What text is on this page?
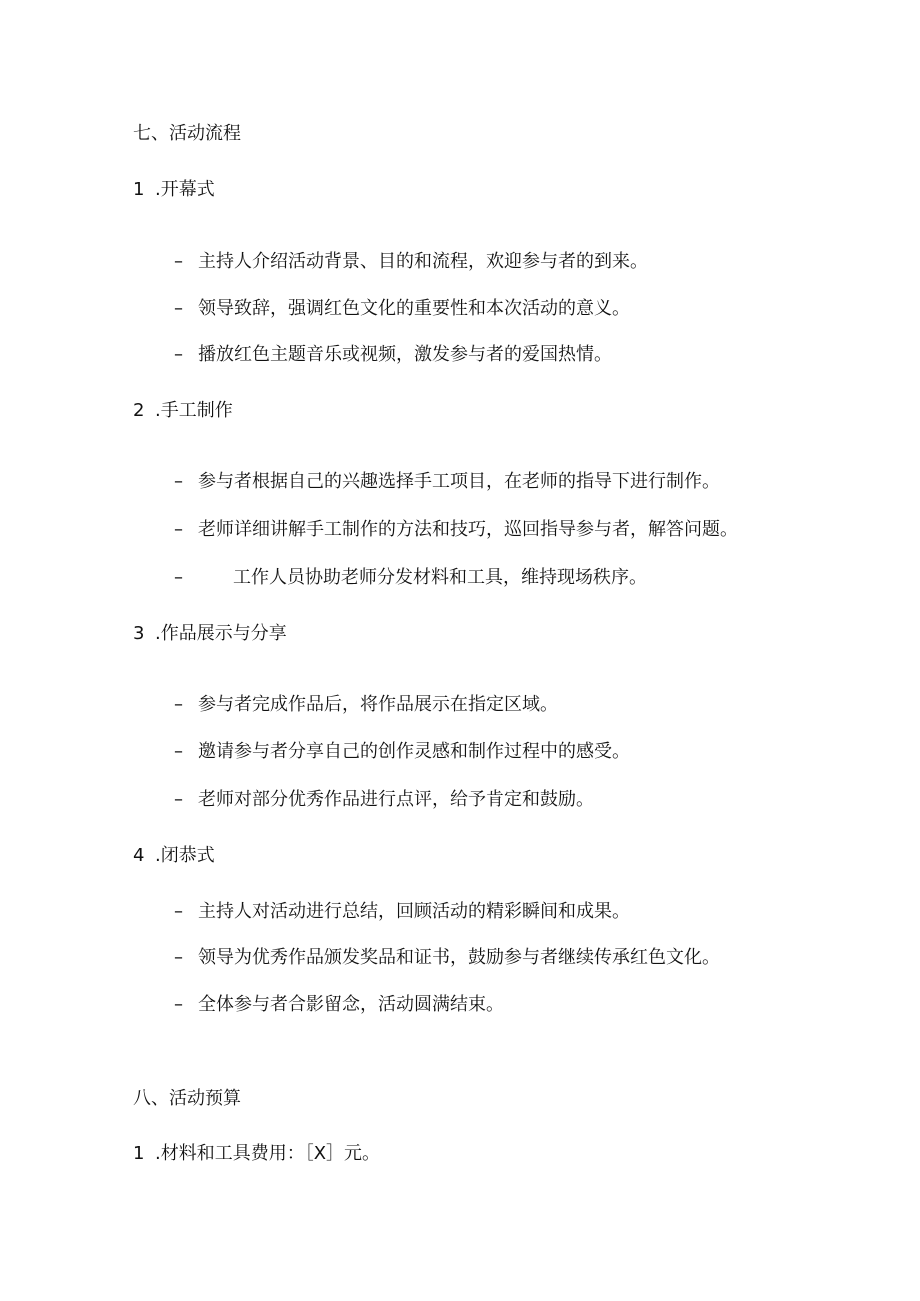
七、活动流程
1 .开幕式
– 主持人介绍活动背景、目的和流程，欢迎参与者的到来。
– 领导致辞，强调红色文化的重要性和本次活动的意义。
– 播放红色主题音乐或视频，激发参与者的爱国热情。
2 .手工制作
– 参与者根据自己的兴趣选择手工项目，在老师的指导下进行制作。
– 老师详细讲解手工制作的方法和技巧，巡回指导参与者，解答问题。
–	工作人员协助老师分发材料和工具，维持现场秩序。
3 .作品展示与分享
– 参与者完成作品后，将作品展示在指定区域。
– 邀请参与者分享自己的创作灵感和制作过程中的感受。
– 老师对部分优秀作品进行点评，给予肯定和鼓励。
4 .闭恭式
– 主持人对活动进行总结，回顾活动的精彩瞬间和成果。
– 领导为优秀作品颁发奖品和证书，鼓励参与者继续传承红色文化。
– 全体参与者合影留念，活动圆满结束。
八、活动预算
1 .材料和工具费用：［X］元。
